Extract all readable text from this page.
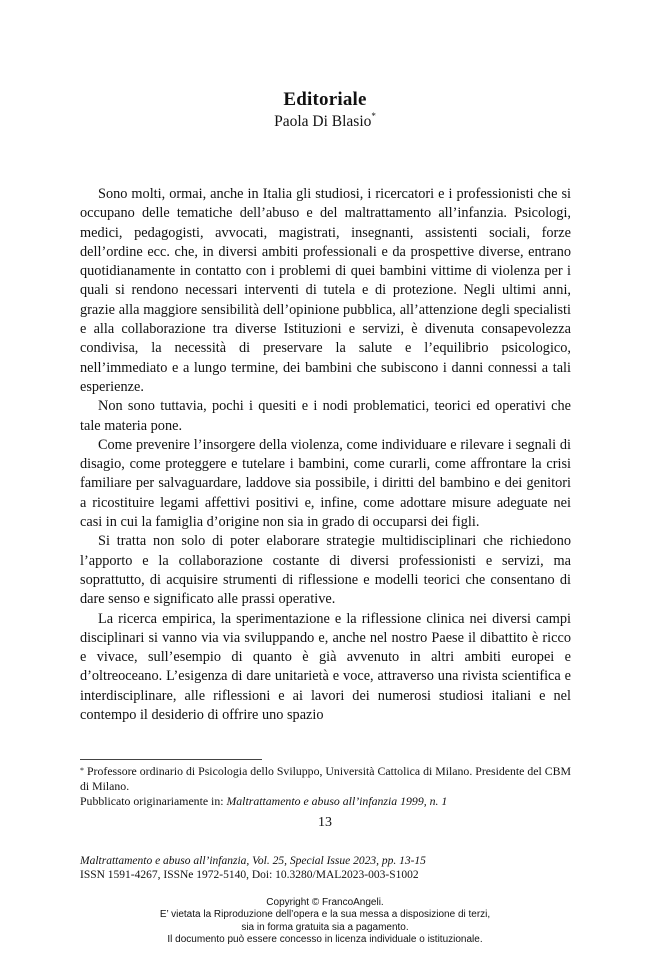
Editoriale
Paola Di Blasio*

Sono molti, ormai, anche in Italia gli studiosi, i ricercatori e i professionisti che si occupano delle tematiche dell’abuso e del maltrattamento all’infanzia. Psicologi, medici, pedagogisti, avvocati, magistrati, insegnanti, assistenti sociali, forze dell’ordine ecc. che, in diversi ambiti professionali e da prospettive diverse, entrano quotidianamente in contatto con i problemi di quei bambini vittime di violenza per i quali si rendono necessari interventi di tutela e di protezione. Negli ultimi anni, grazie alla maggiore sensibilità dell’opinione pubblica, all’attenzione degli specialisti e alla collaborazione tra diverse Istituzioni e servizi, è divenuta consapevolezza condivisa, la necessità di preservare la salute e l’equilibrio psicologico, nell’immediato e a lungo termine, dei bambini che subiscono i danni connessi a tali esperienze.

Non sono tuttavia, pochi i quesiti e i nodi problematici, teorici ed operativi che tale materia pone.

Come prevenire l’insorgere della violenza, come individuare e rilevare i segnali di disagio, come proteggere e tutelare i bambini, come curarli, come affrontare la crisi familiare per salvaguardare, laddove sia possibile, i diritti del bambino e dei genitori a ricostituire legami affettivi positivi e, infine, come adottare misure adeguate nei casi in cui la famiglia d’origine non sia in grado di occuparsi dei figli.

Si tratta non solo di poter elaborare strategie multidisciplinari che richiedono l’apporto e la collaborazione costante di diversi professionisti e servizi, ma soprattutto, di acquisire strumenti di riflessione e modelli teorici che consentano di dare senso e significato alle prassi operative.

La ricerca empirica, la sperimentazione e la riflessione clinica nei diversi campi disciplinari si vanno via via sviluppando e, anche nel nostro Paese il dibattito è ricco e vivace, sull’esempio di quanto è già avvenuto in altri ambiti europei e d’oltreoceano. L’esigenza di dare unitarietà e voce, attraverso una rivista scientifica e interdisciplinare, alle riflessioni e ai lavori dei numerosi studiosi italiani e nel contempo il desiderio di offrire uno spazio

* Professore ordinario di Psicologia dello Sviluppo, Università Cattolica di Milano. Presidente del CBM di Milano.

Pubblicato originariamente in: Maltrattamento e abuso all’infanzia 1999, n. 1

13
Maltrattamento e abuso all’infanzia, Vol. 25, Special Issue 2023, pp. 13-15
ISSN 1591-4267, ISSNe 1972-5140, Doi: 10.3280/MAL2023-003-S1002
Copyright © FrancoAngeli.
E’ vietata la Riproduzione dell’opera e la sua messa a disposizione di terzi,
sia in forma gratuita sia a pagamento.
Il documento può essere concesso in licenza individuale o istituzionale.
